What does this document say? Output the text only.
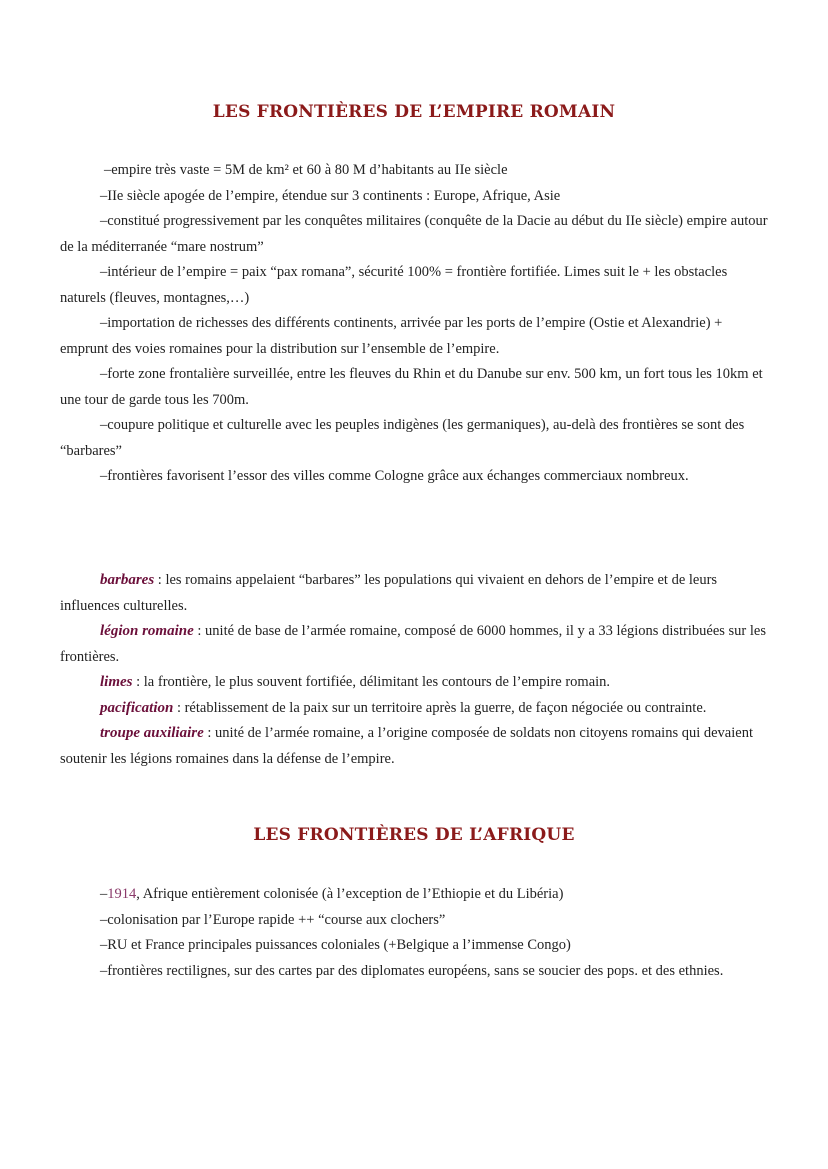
LES FRONTIÈRES DE L’EMPIRE ROMAIN

–empire très vaste = 5M de km² et 60 à 80 M d’habitants au IIe siècle

–IIe siècle apogée de l’empire, étendue sur 3 continents : Europe, Afrique, Asie

–constitué progressivement par les conquêtes militaires (conquête de la Dacie au début du IIe siècle) empire autour de la méditerranée “mare nostrum”

–intérieur de l’empire = paix “pax romana”, sécurité 100% = frontière fortifiée. Limes suit le + les obstacles naturels (fleuves, montagnes,…)

–importation de richesses des différents continents, arrivée par les ports de l’empire (Ostie et Alexandrie) + emprunt des voies romaines pour la distribution sur l’ensemble de l’empire.

–forte zone frontalière surveillée, entre les fleuves du Rhin et du Danube sur env. 500 km, un fort tous les 10km et une tour de garde tous les 700m.

–coupure politique et culturelle avec les peuples indigènes (les germaniques), au-delà des frontières se sont des “barbares”

–frontières favorisent l’essor des villes comme Cologne grâce aux échanges commerciaux nombreux.

barbares : les romains appelaient “barbares” les populations qui vivaient en dehors de l’empire et de leurs influences culturelles.

légion romaine : unité de base de l’armée romaine, composé de 6000 hommes, il y a 33 légions distribuées sur les frontières.

limes : la frontière, le plus souvent fortifiée, délimitant les contours de l’empire romain.

pacification : rétablissement de la paix sur un territoire après la guerre, de façon négociée ou contrainte.

troupe auxiliaire : unité de l’armée romaine, a l’origine composée de soldats non citoyens romains qui devaient soutenir les légions romaines dans la défense de l’empire.

LES FRONTIÈRES DE L’AFRIQUE

–1914, Afrique entièrement colonisée (à l’exception de l’Ethiopie et du Libéria)

–colonisation par l’Europe rapide ++ “course aux clochers”

–RU et France principales puissances coloniales (+Belgique a l’immense Congo)

–frontières rectilignes, sur des cartes par des diplomates européens, sans se soucier des pops. et des ethnies.
